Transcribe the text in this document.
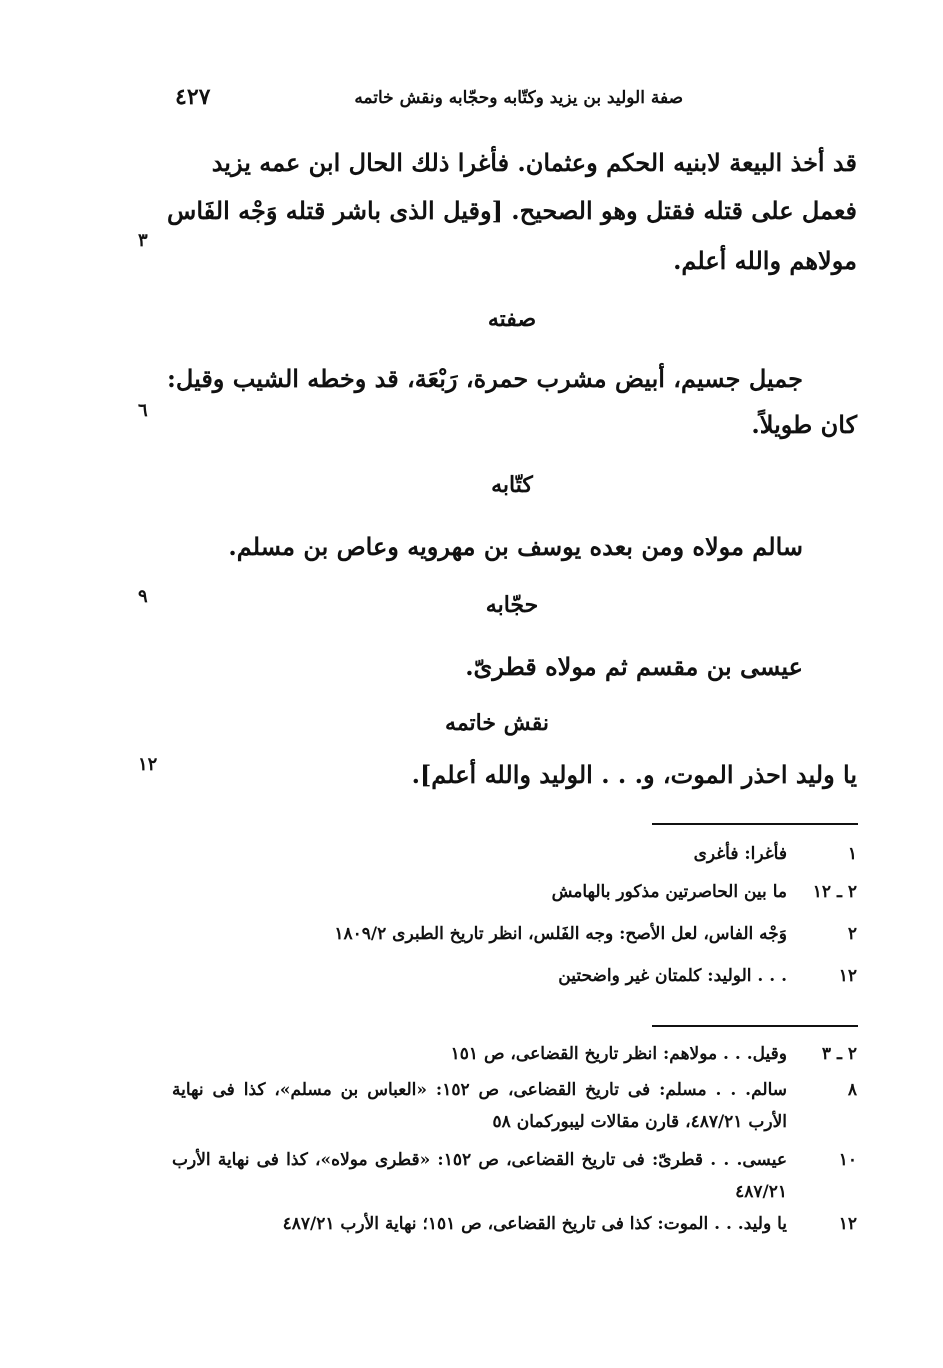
صفة الوليد بن يزيد وكتّابه وحجّابه ونقش خاتمه
٤٢٧
قد أخذ البيعة لابنيه الحكم وعثمان. فأغرا ذلك الحال ابن عمه يزيد
فعمل على قتله فقتل وهو الصحيح. [وقيل الذى باشر قتله وَجْه الفَاس
مولاهم والله أعلم.
صفته
جميل جسيم، أبيض مشرب حمرة، رَبْعَة، قد وخطه الشيب وقيل:
كان طويلاً.
كتّابه
سالم مولاه ومن بعده يوسف بن مهرويه وعاص بن مسلم.
حجّابه
عيسى بن مقسم ثم مولاه قطرىّ.
نقش خاتمه
يا وليد احذر الموت، و. . . الوليد والله أعلم].
٣
٦
٩
١٢
١
فأغرا: فأغرى
٢ ـ ١٢
ما بين الحاصرتين مذكور بالهامش
٢
وَجْه الفاس، لعل الأصح: وجه الفَلس، انظر تاريخ الطبرى ١٨٠٩/٢
١٢
. . . الوليد: كلمتان غير واضحتين
٢ ـ ٣
وقيل. . . مولاهم: انظر تاريخ القضاعى، ص ١٥١
٨
سالم. . . مسلم: فى تاريخ القضاعى، ص ١٥٢: «العباس بن مسلم»، كذا فى نهاية الأرب ٤٨٧/٢١، قارن مقالات ليبوركمان ٥٨
١٠
عيسى. . . قطرىّ: فى تاريخ القضاعى، ص ١٥٢: «قطرى مولاه»، كذا فى نهاية الأرب ٤٨٧/٢١
١٢
يا وليد. . . الموت: كذا فى تاريخ القضاعى، ص ١٥١؛ نهاية الأرب ٤٨٧/٢١
